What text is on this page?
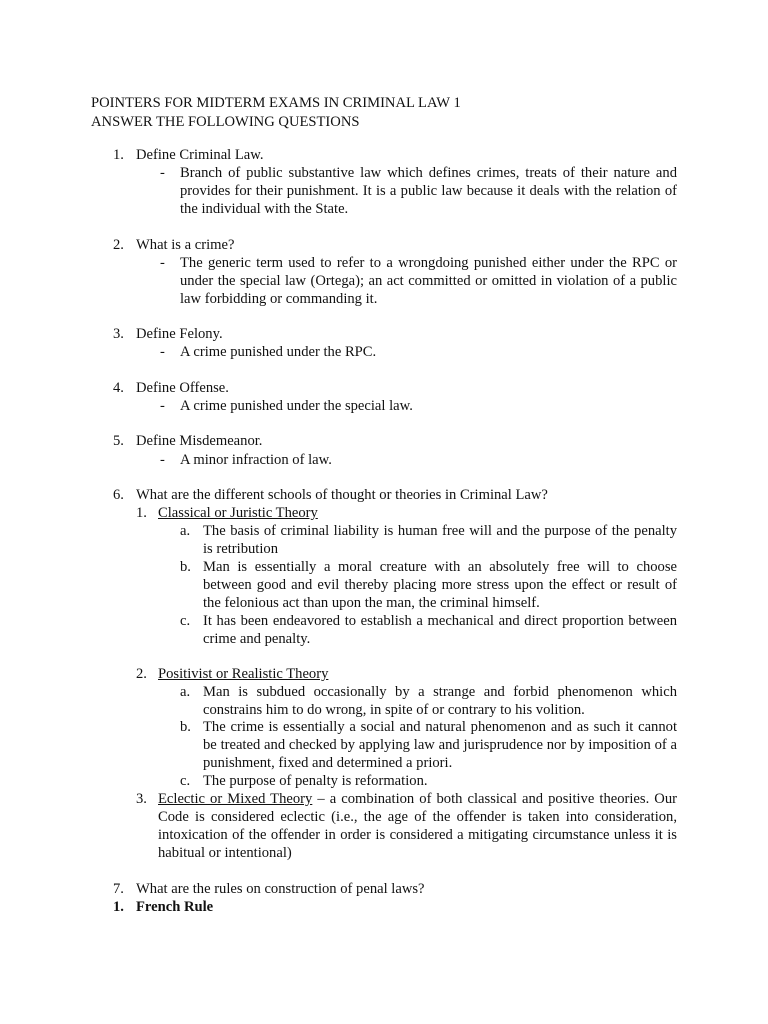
POINTERS FOR MIDTERM EXAMS IN CRIMINAL LAW 1
ANSWER THE FOLLOWING QUESTIONS
1. Define Criminal Law.
- Branch of public substantive law which defines crimes, treats of their nature and provides for their punishment. It is a public law because it deals with the relation of the individual with the State.
2. What is a crime?
- The generic term used to refer to a wrongdoing punished either under the RPC or under the special law (Ortega); an act committed or omitted in violation of a public law forbidding or commanding it.
3. Define Felony.
- A crime punished under the RPC.
4. Define Offense.
- A crime punished under the special law.
5. Define Misdemeanor.
- A minor infraction of law.
6. What are the different schools of thought or theories in Criminal Law?
1. Classical or Juristic Theory
a. The basis of criminal liability is human free will and the purpose of the penalty is retribution
b. Man is essentially a moral creature with an absolutely free will to choose between good and evil thereby placing more stress upon the effect or result of the felonious act than upon the man, the criminal himself.
c. It has been endeavored to establish a mechanical and direct proportion between crime and penalty.
2. Positivist or Realistic Theory
a. Man is subdued occasionally by a strange and forbid phenomenon which constrains him to do wrong, in spite of or contrary to his volition.
b. The crime is essentially a social and natural phenomenon and as such it cannot be treated and checked by applying law and jurisprudence nor by imposition of a punishment, fixed and determined a priori.
c. The purpose of penalty is reformation.
3. Eclectic or Mixed Theory – a combination of both classical and positive theories. Our Code is considered eclectic (i.e., the age of the offender is taken into consideration, intoxication of the offender in order is considered a mitigating circumstance unless it is habitual or intentional)
7. What are the rules on construction of penal laws?
1. French Rule
